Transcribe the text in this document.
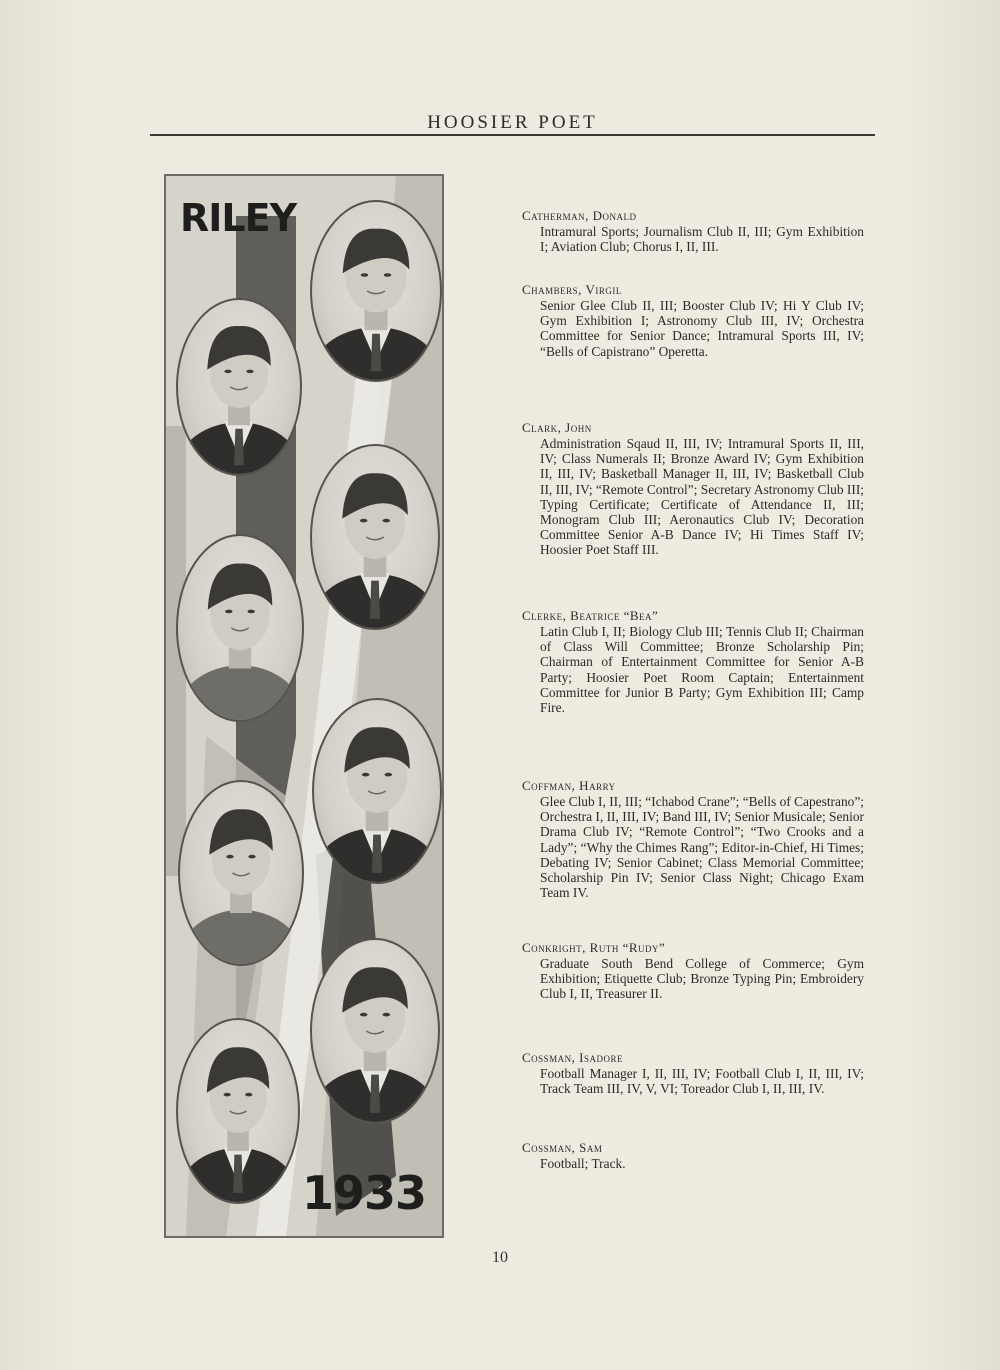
HOOSIER POET
RILEY
1933
Catherman, Donald
Intramural Sports; Journalism Club II, III; Gym Exhibition I; Aviation Club; Chorus I, II, III.
Chambers, Virgil
Senior Glee Club II, III; Booster Club IV; Hi Y Club IV; Gym Exhibition I; Astronomy Club III, IV; Orchestra Committee for Senior Dance; Intramural Sports III, IV; “Bells of Capistrano” Operetta.
Clark, John
Administration Sqaud II, III, IV; Intramural Sports II, III, IV; Class Numerals II; Bronze Award IV; Gym Exhibition II, III, IV; Basketball Manager II, III, IV; Basketball Club II, III, IV; “Remote Control”; Secretary Astronomy Club III; Typing Certificate; Certificate of Attendance II, III; Monogram Club III; Aeronautics Club IV; Decoration Committee Senior A-B Dance IV; Hi Times Staff IV; Hoosier Poet Staff III.
Clerke, Beatrice “Bea”
Latin Club I, II; Biology Club III; Tennis Club II; Chairman of Class Will Committee; Bronze Scholarship Pin; Chairman of Entertainment Committee for Senior A-B Party; Hoosier Poet Room Captain; Entertainment Committee for Junior B Party; Gym Exhibition III; Camp Fire.
Coffman, Harry
Glee Club I, II, III; “Ichabod Crane”; “Bells of Capestrano”; Orchestra I, II, III, IV; Band III, IV; Senior Musicale; Senior Drama Club IV; “Remote Control”; “Two Crooks and a Lady”; “Why the Chimes Rang”; Editor-in-Chief, Hi Times; Debating IV; Senior Cabinet; Class Memorial Committee; Scholarship Pin IV; Senior Class Night; Chicago Exam Team IV.
Conkright, Ruth “Rudy”
Graduate South Bend College of Commerce; Gym Exhibition; Etiquette Club; Bronze Typing Pin; Embroidery Club I, II, Treasurer II.
Cossman, Isadore
Football Manager I, II, III, IV; Football Club I, II, III, IV; Track Team III, IV, V, VI; Toreador Club I, II, III, IV.
Cossman, Sam
Football; Track.
10
